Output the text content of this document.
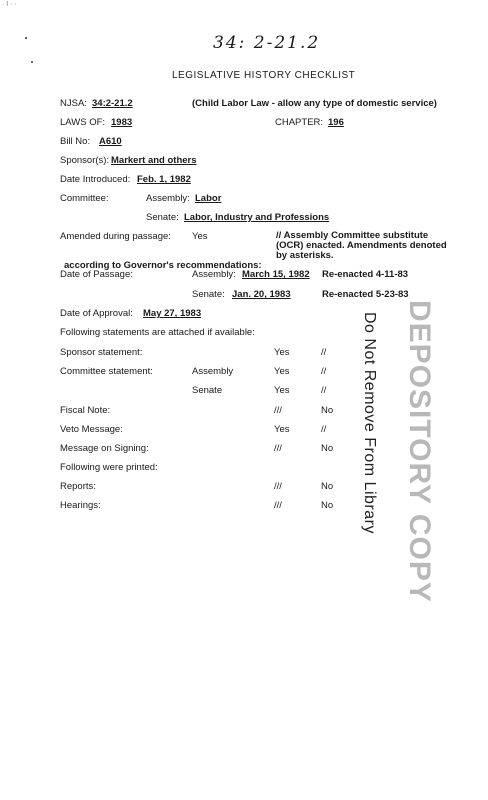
· I · ·
34: 2-21.2
LEGISLATIVE HISTORY CHECKLIST
NJSA: 34:2-21.2	(Child Labor Law - allow any type of domestic service)
LAWS OF: 1983	CHAPTER: 196
Bill No: A610
Sponsor(s): Markert and others
Date Introduced: Feb. 1, 1982
Committee:	Assembly: Labor
Senate: Labor, Industry and Professions
Amended during passage: Yes	// Assembly Committee substitute
(OCR) enacted. Amendments denoted
by asterisks.
according to Governor's recommendations:
Date of Passage:	Assembly: March 15, 1982 Re-enacted 4-11-83
Senate: Jan. 20, 1983	Re-enacted 5-23-83
Date of Approval: May 27, 1983
Following statements are attached if available:
Sponsor statement:	Yes	//
Committee statement:	Assembly	Yes	//
Senate	Yes	//
Fiscal Note:	///	No
Veto Message:	Yes	//
Message on Signing:	///	No
Following were printed:
Reports:	///	No
Hearings:	///	No Do Not Remove From Library DEPOSITORY COPY
